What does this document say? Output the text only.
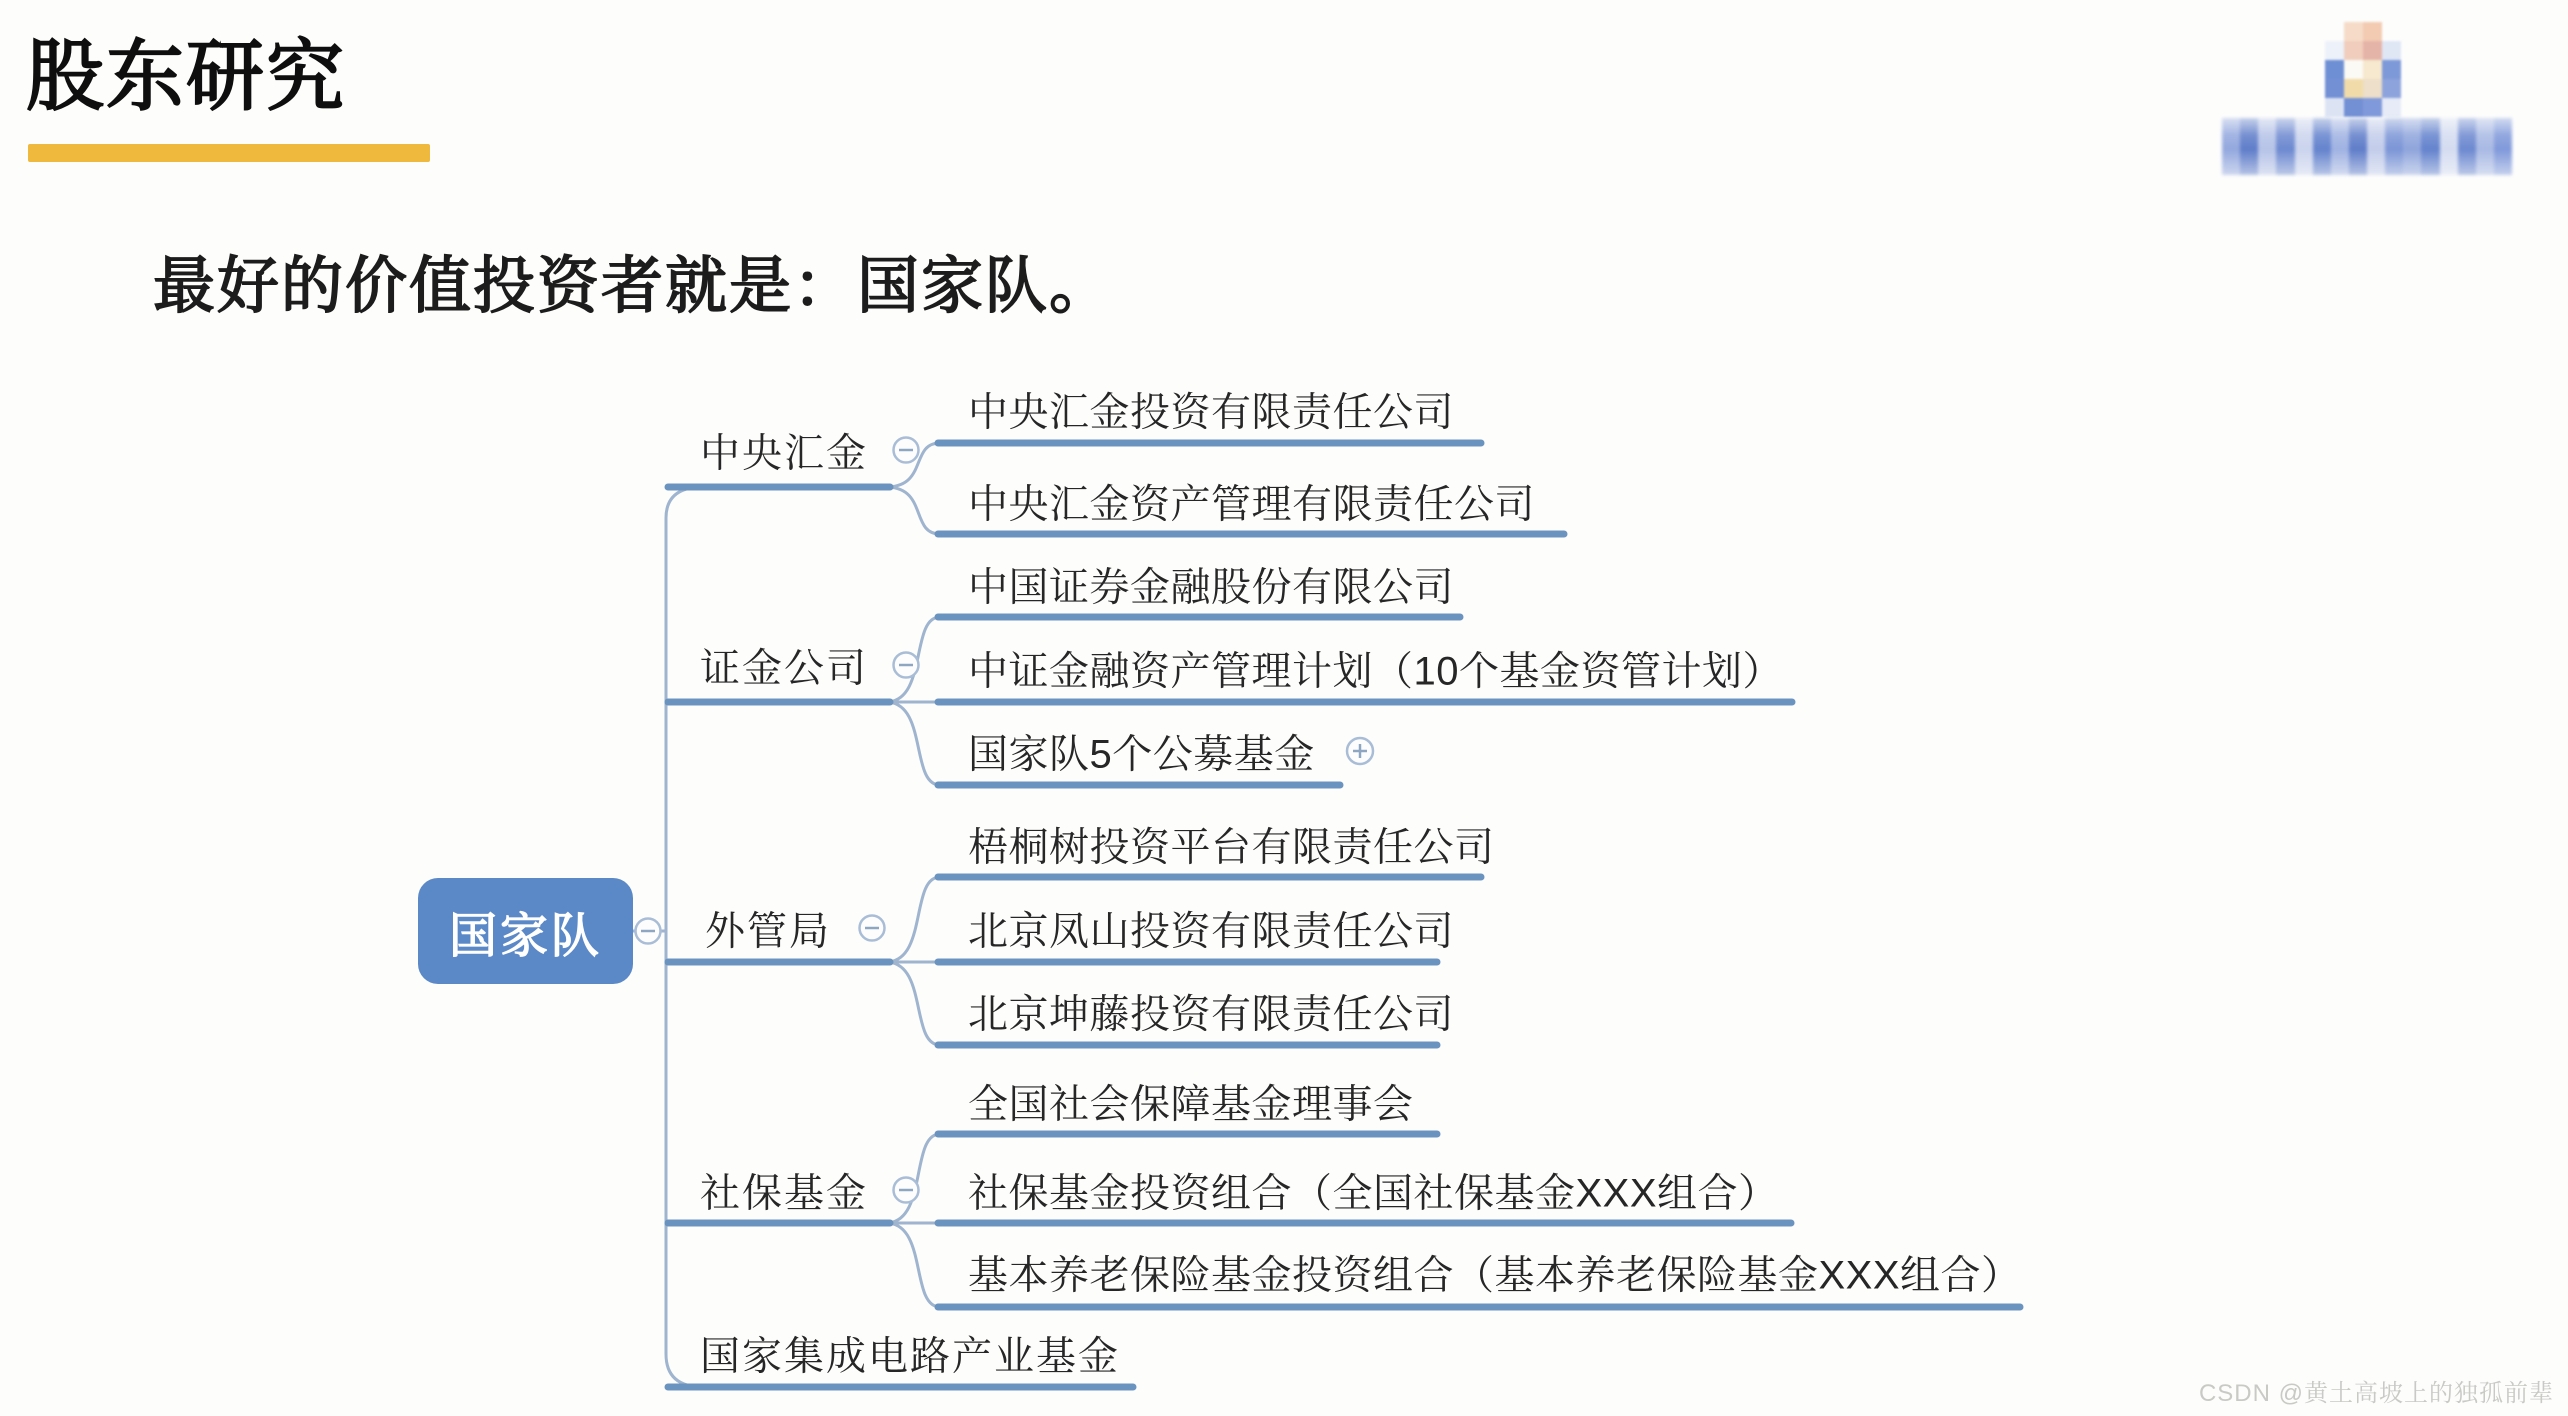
股东研究
最好的价值投资者就是：国家队。
国家队
中央汇金
证金公司
外管局
社保基金
国家集成电路产业基金
中央汇金投资有限责任公司
中央汇金资产管理有限责任公司
中国证券金融股份有限公司
中证金融资产管理计划（10个基金资管计划）
国家队5个公募基金
梧桐树投资平台有限责任公司
北京凤山投资有限责任公司
北京坤藤投资有限责任公司
全国社会保障基金理事会
社保基金投资组合（全国社保基金XXX组合）
基本养老保险基金投资组合（基本养老保险基金XXX组合）
CSDN @黄土高坡上的独孤前辈
